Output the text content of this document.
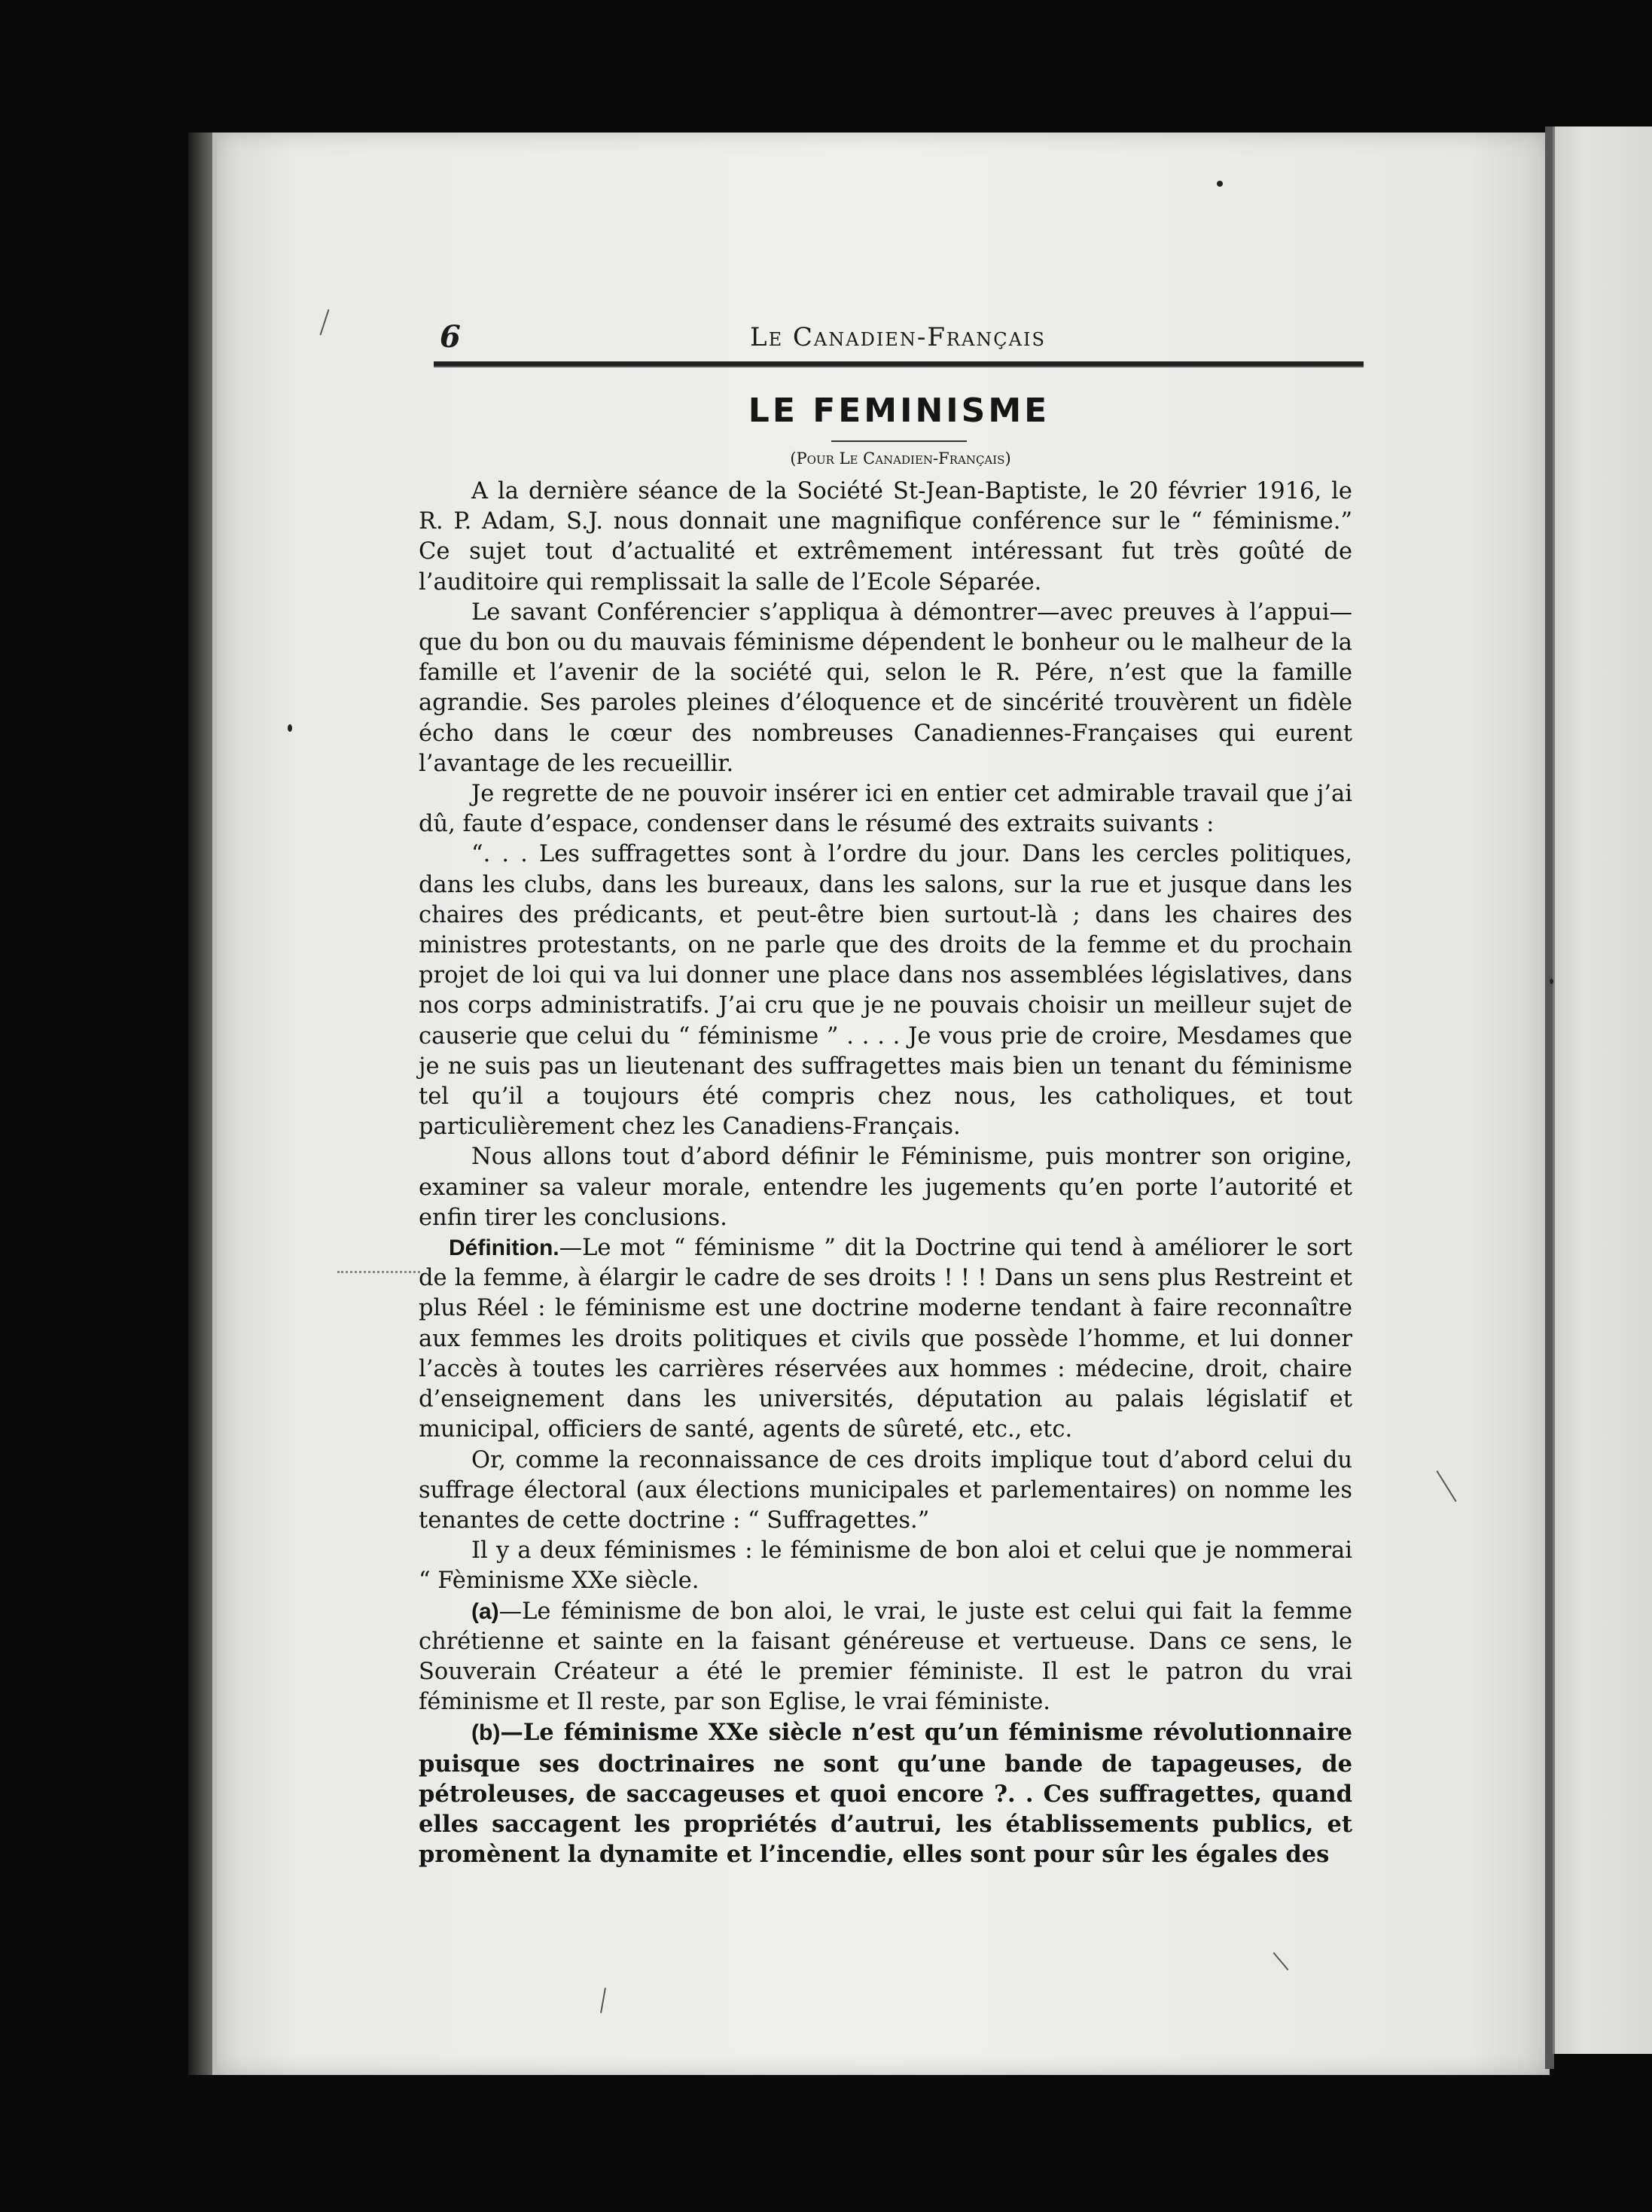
6	Le Canadien-Français
LE FEMINISME
(Pour Le Canadien-Français)

A la dernière séance de la Société St-Jean-Baptiste, le 20 février 1916, le R. P. Adam, S.J. nous donnait une magnifique conférence sur le “ féminisme.” Ce sujet tout d’actualité et extrêmement intéressant fut très goûté de l’auditoire qui remplissait la salle de l’Ecole Séparée.

Le savant Conférencier s’appliqua à démontrer—avec preuves à l’appui—que du bon ou du mauvais féminisme dépendent le bonheur ou le malheur de la famille et l’avenir de la société qui, selon le R. Pére, n’est que la famille agrandie. Ses paroles pleines d’éloquence et de sincérité trouvèrent un fidèle écho dans le cœur des nombreuses Canadiennes-Françaises qui eurent l’avantage de les recueillir.

Je regrette de ne pouvoir insérer ici en entier cet admirable travail que j’ai dû, faute d’espace, condenser dans le résumé des extraits suivants :

“. . . Les suffragettes sont à l’ordre du jour. Dans les cercles politiques, dans les clubs, dans les bureaux, dans les salons, sur la rue et jusque dans les chaires des prédicants, et peut-être bien surtout-là ; dans les chaires des ministres protestants, on ne parle que des droits de la femme et du prochain projet de loi qui va lui donner une place dans nos assemblées législatives, dans nos corps administratifs. J’ai cru que je ne pouvais choisir un meilleur sujet de causerie que celui du “ féminisme ” . . . . Je vous prie de croire, Mesdames que je ne suis pas un lieutenant des suffragettes mais bien un tenant du féminisme tel qu’il a toujours été compris chez nous, les catholiques, et tout particulièrement chez les Canadiens-Français.

Nous allons tout d’abord définir le Féminisme, puis montrer son origine, examiner sa valeur morale, entendre les jugements qu’en porte l’autorité et enfin tirer les conclusions.

Définition.—Le mot “ féminisme ” dit la Doctrine qui tend à améliorer le sort de la femme, à élargir le cadre de ses droits ! ! ! Dans un sens plus Restreint et plus Réel : le féminisme est une doctrine moderne tendant à faire reconnaître aux femmes les droits politiques et civils que possède l’homme, et lui donner l’accès à toutes les carrières réservées aux hommes : médecine, droit, chaire d’enseignement dans les universités, députation au palais législatif et municipal, officiers de santé, agents de sûreté, etc., etc.

Or, comme la reconnaissance de ces droits implique tout d’abord celui du suffrage électoral (aux élections municipales et parlementaires) on nomme les tenantes de cette doctrine : “ Suffragettes.”

Il y a deux féminismes : le féminisme de bon aloi et celui que je nommerai “ Fèminisme XXe siècle.

(a)—Le féminisme de bon aloi, le vrai, le juste est celui qui fait la femme chrétienne et sainte en la faisant généreuse et vertueuse. Dans ce sens, le Souverain Créateur a été le premier féministe. Il est le patron du vrai féminisme et Il reste, par son Eglise, le vrai féministe.

(b)—Le féminisme XXe siècle n’est qu’un féminisme révolutionnaire puisque ses doctrinaires ne sont qu’une bande de tapageuses, de pétroleuses, de saccageuses et quoi encore ?. . Ces suffragettes, quand elles saccagent les propriétés d’autrui, les établissements publics, et promènent la dynamite et l’incendie, elles sont pour sûr les égales des
